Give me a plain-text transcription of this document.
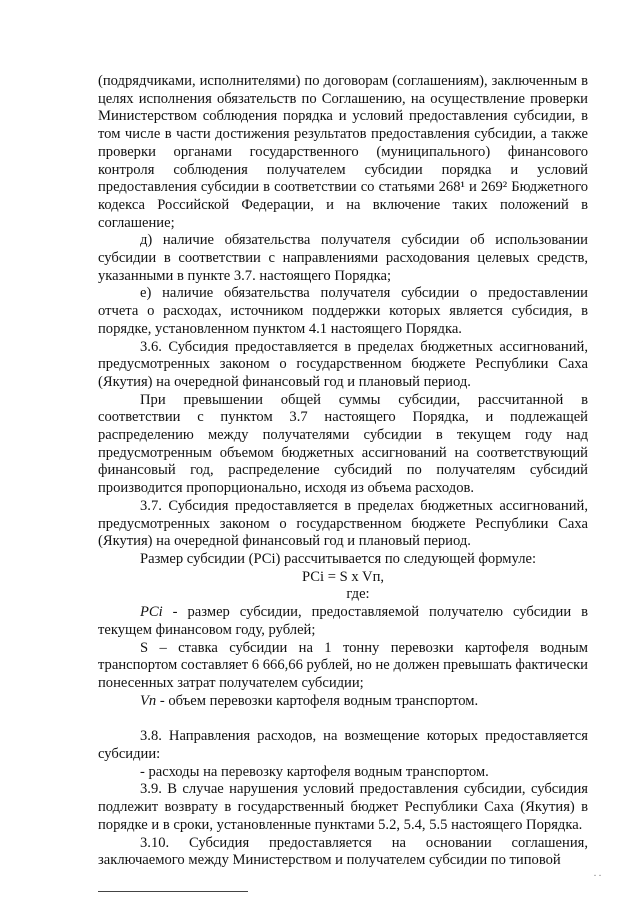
(подрядчиками, исполнителями) по договорам (соглашениям), заключенным в целях исполнения обязательств по Соглашению, на осуществление проверки Министерством соблюдения порядка и условий предоставления субсидии, в том числе в части достижения результатов предоставления субсидии, а также проверки органами государственного (муниципального) финансового контроля соблюдения получателем субсидии порядка и условий предоставления субсидии в соответствии со статьями 268¹ и 269² Бюджетного кодекса Российской Федерации, и на включение таких положений в соглашение;

д) наличие обязательства получателя субсидии об использовании субсидии в соответствии с направлениями расходования целевых средств, указанными в пункте 3.7. настоящего Порядка;

е) наличие обязательства получателя субсидии о предоставлении отчета о расходах, источником поддержки которых является субсидия, в порядке, установленном пунктом 4.1 настоящего Порядка.

3.6. Субсидия предоставляется в пределах бюджетных ассигнований, предусмотренных законом о государственном бюджете Республики Саха (Якутия) на очередной финансовый год и плановый период.

При превышении общей суммы субсидии, рассчитанной в соответствии с пунктом 3.7 настоящего Порядка, и подлежащей распределению между получателями субсидии в текущем году над предусмотренным объемом бюджетных ассигнований на соответствующий финансовый год, распределение субсидий по получателям субсидий производится пропорционально, исходя из объема расходов.

3.7. Субсидия предоставляется в пределах бюджетных ассигнований, предусмотренных законом о государственном бюджете Республики Саха (Якутия) на очередной финансовый год и плановый период.

Размер субсидии (РСi) рассчитывается по следующей формуле:

РСi = S x Vп,

где:

PCi - размер субсидии, предоставляемой получателю субсидии в текущем финансовом году, рублей;

S – ставка субсидии на 1 тонну перевозки картофеля водным транспортом составляет 6 666,66 рублей, но не должен превышать фактически понесенных затрат получателем субсидии;

Vп - объем перевозки картофеля водным транспортом.

3.8. Направления расходов, на возмещение которых предоставляется субсидии:

- расходы на перевозку картофеля водным транспортом.

3.9. В случае нарушения условий предоставления субсидии, субсидия подлежит возврату в государственный бюджет Республики Саха (Якутия) в порядке и в сроки, установленные пунктами 5.2, 5.4, 5.5 настоящего Порядка.

3.10. Субсидия предоставляется на основании соглашения, заключаемого между Министерством и получателем субсидии по типовой

. .
